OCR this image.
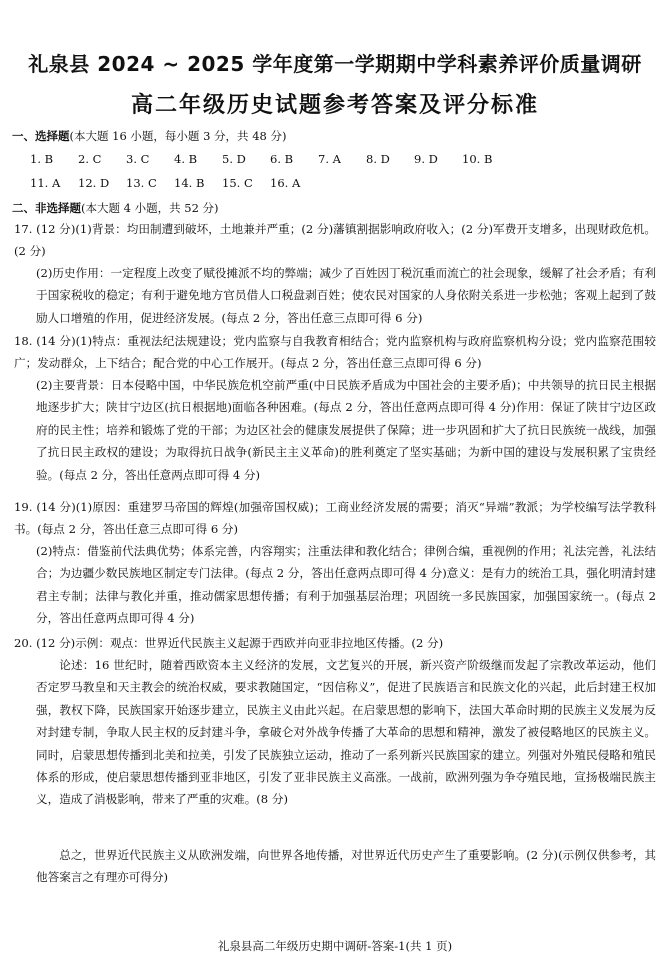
礼泉县 2024 ~ 2025 学年度第一学期期中学科素养评价质量调研
高二年级历史试题参考答案及评分标准
一、选择题(本大题 16 小题，每小题 3 分，共 48 分)
1. B	2. C	3. C	4. B	5. D	6. B	7. A	8. D	9. D	10. B
11. A	12. D	13. C	14. B	15. C	16. A
二、非选择题(本大题 4 小题，共 52 分)
17. (12 分)(1)背景：均田制遭到破坏，土地兼并严重；(2 分)藩镇割据影响政府收入；(2 分)军费开支增多，出现财政危机。(2 分)
(2)历史作用：一定程度上改变了赋役摊派不均的弊端；减少了百姓因丁税沉重而流亡的社会现象，缓解了社会矛盾；有利于国家税收的稳定；有利于避免地方官员借人口税盘剥百姓；使农民对国家的人身依附关系进一步松弛；客观上起到了鼓励人口增殖的作用，促进经济发展。(每点 2 分，答出任意三点即可得 6 分)
18. (14 分)(1)特点：重视法纪法规建设；党内监察与自我教育相结合；党内监察机构与政府监察机构分设；党内监察范围较广；发动群众，上下结合；配合党的中心工作展开。(每点 2 分，答出任意三点即可得 6 分)
(2)主要背景：日本侵略中国，中华民族危机空前严重(中日民族矛盾成为中国社会的主要矛盾)；中共领导的抗日民主根据地逐步扩大；陕甘宁边区(抗日根据地)面临各种困难。(每点 2 分，答出任意两点即可得 4 分)作用：保证了陕甘宁边区政府的民主性；培养和锻炼了党的干部；为边区社会的健康发展提供了保障；进一步巩固和扩大了抗日民族统一战线，加强了抗日民主政权的建设；为取得抗日战争(新民主主义革命)的胜利奠定了坚实基础；为新中国的建设与发展积累了宝贵经验。(每点 2 分，答出任意两点即可得 4 分)
19. (14 分)(1)原因：重建罗马帝国的辉煌(加强帝国权威)；工商业经济发展的需要；消灭“异端”教派；为学校编写法学教科书。(每点 2 分，答出任意三点即可得 6 分)
(2)特点：借鉴前代法典优势；体系完善，内容翔实；注重法律和教化结合；律例合编，重视例的作用；礼法完善，礼法结合；为边疆少数民族地区制定专门法律。(每点 2 分，答出任意两点即可得 4 分)意义：是有力的统治工具，强化明清封建君主专制；法律与教化并重，推动儒家思想传播；有利于加强基层治理；巩固统一多民族国家，加强国家统一。(每点 2 分，答出任意两点即可得 4 分)
20. (12 分)示例：观点：世界近代民族主义起源于西欧并向亚非拉地区传播。(2 分)
论述：16 世纪时，随着西欧资本主义经济的发展，文艺复兴的开展，新兴资产阶级继而发起了宗教改革运动，他们否定罗马教皇和天主教会的统治权威，要求教随国定，“因信称义”，促进了民族语言和民族文化的兴起，此后封建王权加强，教权下降，民族国家开始逐步建立，民族主义由此兴起。在启蒙思想的影响下，法国大革命时期的民族主义发展为反对封建专制，争取人民主权的反封建斗争，拿破仑对外战争传播了大革命的思想和精神，激发了被侵略地区的民族主义。同时，启蒙思想传播到北美和拉美，引发了民族独立运动，推动了一系列新兴民族国家的建立。列强对外殖民侵略和殖民体系的形成，使启蒙思想传播到亚非地区，引发了亚非民族主义高涨。一战前，欧洲列强为争夺殖民地，宣扬极端民族主义，造成了消极影响，带来了严重的灾难。(8 分)
总之，世界近代民族主义从欧洲发端，向世界各地传播，对世界近代历史产生了重要影响。(2 分)(示例仅供参考，其他答案言之有理亦可得分)
礼泉县高二年级历史期中调研-答案-1(共 1 页)
